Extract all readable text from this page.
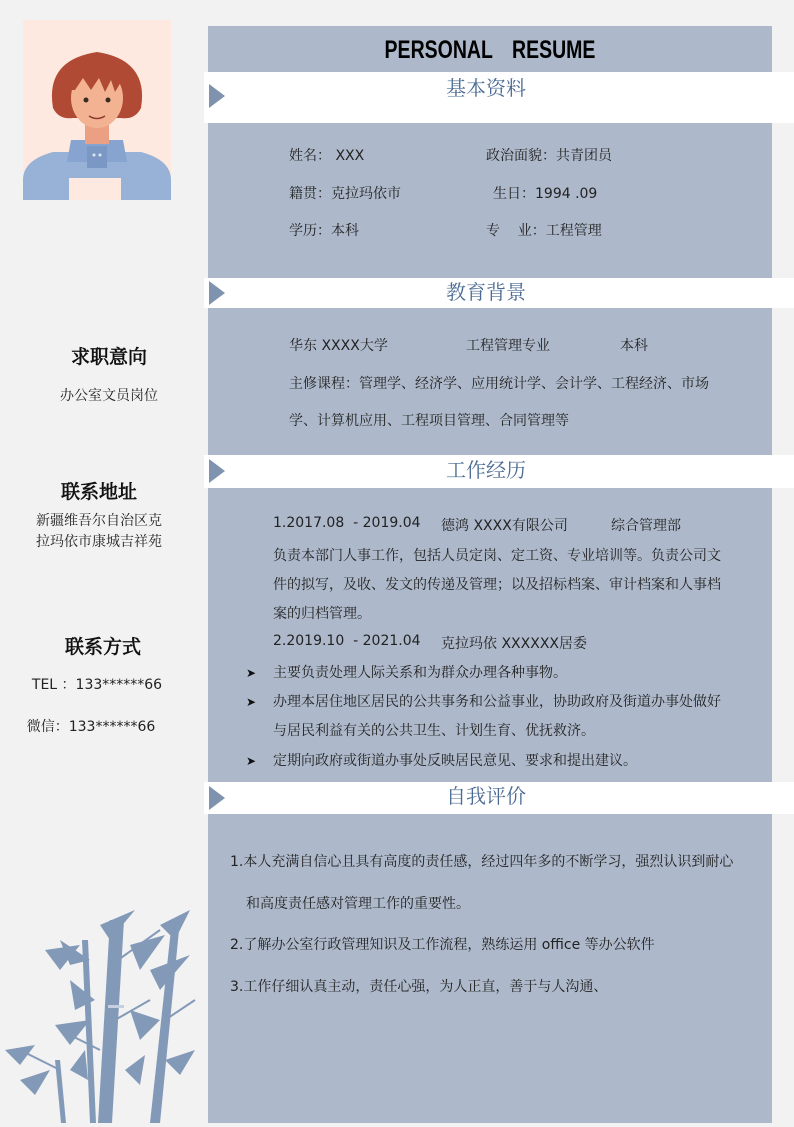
PERSONAL RESUME
基本资料
姓名： XXX	政治面貌：共青团员
籍贯：克拉玛依市	生日：1994 .09
学历：本科	专    业：工程管理
教育背景
华东 XXXX大学	工程管理专业	本科
主修课程：管理学、经济学、应用统计学、会计学、工程经济、市场
学、计算机应用、工程项目管理、合同管理等
工作经历
1.2017.08  - 2019.04 德鸿 XXXX有限公司	综合管理部
负责本部门人事工作，包括人员定岗、定工资、专业培训等。负责公司文
件的拟写，及收、发文的传递及管理；以及招标档案、审计档案和人事档
案的归档管理。
2.2019.10  - 2021.04 克拉玛依 XXXXXX居委
➤ 主要负责处理人际关系和为群众办理各种事物。
➤ 办理本居住地区居民的公共事务和公益事业，协助政府及街道办事处做好
与居民利益有关的公共卫生、计划生育、优抚救济。
➤ 定期向政府或街道办事处反映居民意见、要求和提出建议。
自我评价
1.本人充满自信心且具有高度的责任感，经过四年多的不断学习，强烈认识到耐心
和高度责任感对管理工作的重要性。
2.了解办公室行政管理知识及工作流程，熟练运用 office 等办公软件
3.工作仔细认真主动，责任心强，为人正直，善于与人沟通、
求职意向
办公室文员岗位
联系地址
新疆维吾尔自治区克
拉玛依市康城吉祥苑
联系方式
TEL ：133******66
微信：133******66
